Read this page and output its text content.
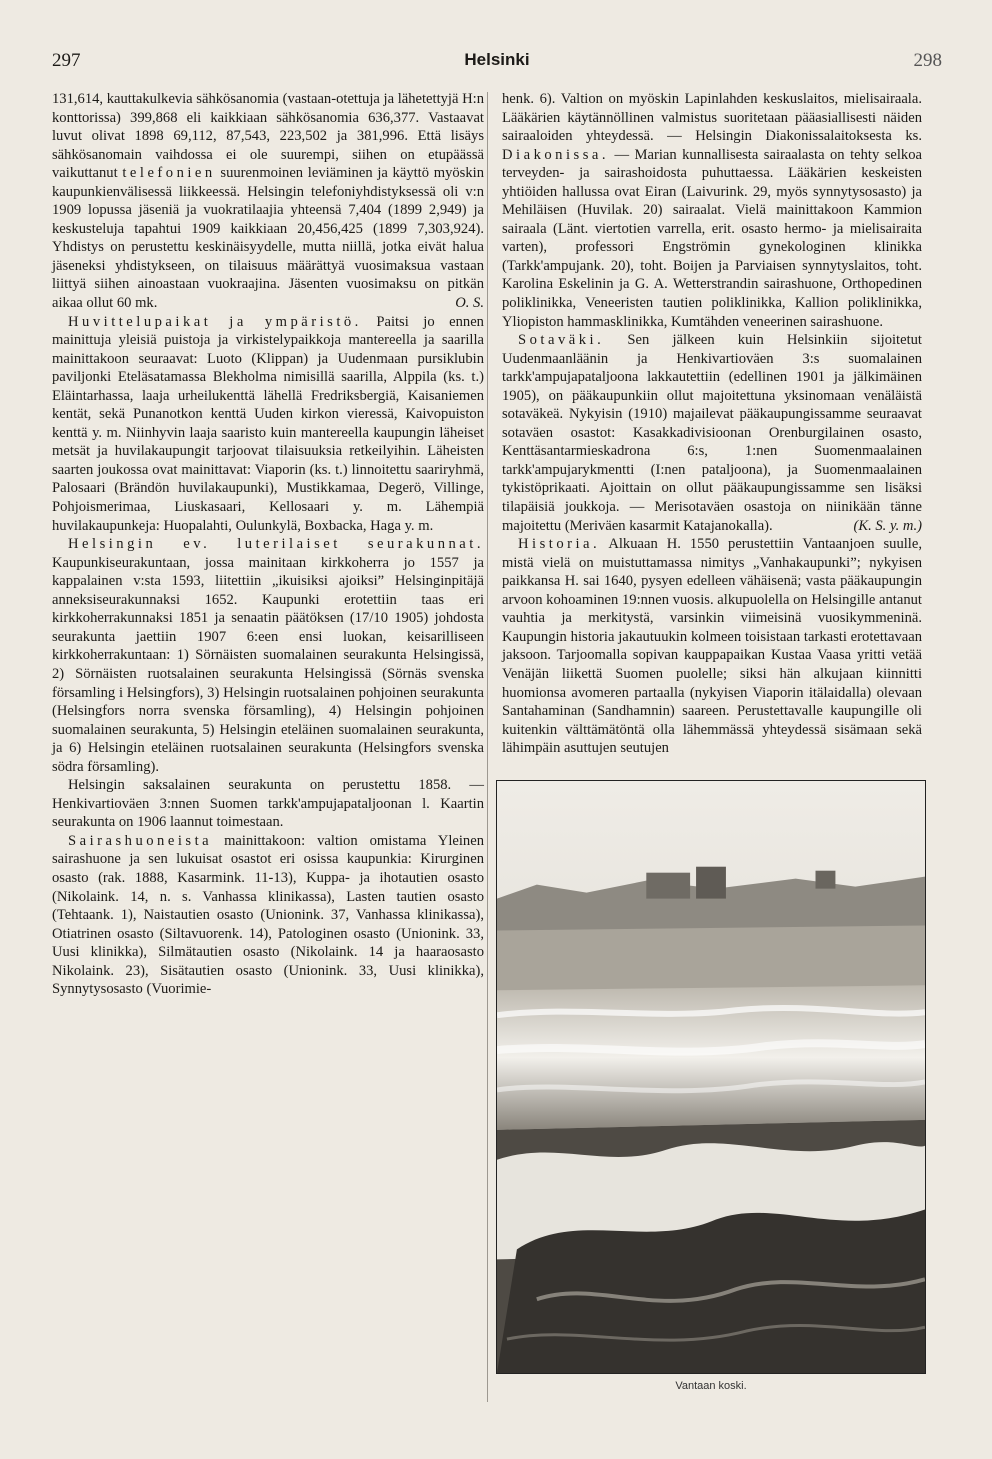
297	Helsinki	298

131,614, kauttakulkevia sähkösanomia (vastaan-otettuja ja lähetettyjä H:n konttorissa) 399,868 eli kaikkiaan sähkösanomia 636,377. Vastaavat luvut olivat 1898 69,112, 87,543, 223,502 ja 381,996. Että lisäys sähkösanomain vaihdossa ei ole suurempi, siihen on etupäässä vaikuttanut telefonien suurenmoinen leviäminen ja käyttö myöskin kaupunkienvälisessä liikkeessä. Helsingin telefoniyhdistyksessä oli v:n 1909 lopussa jäseniä ja vuokratilaajia yhteensä 7,404 (1899 2,949) ja keskusteluja tapahtui 1909 kaikkiaan 20,456,425 (1899 7,303,924). Yhdistys on perustettu keskinäisyydelle, mutta niillä, jotka eivät halua jäseneksi yhdistykseen, on tilaisuus määrättyä vuosimaksua vastaan liittyä siihen ainoastaan vuokraajina. Jäsenten vuosimaksu on pitkän aikaa ollut 60 mk.	O. S.

Huvittelupaikat ja ympäristö. Paitsi jo ennen mainittuja yleisiä puistoja ja virkistelypaikkoja mantereella ja saarilla mainittakoon seuraavat: Luoto (Klippan) ja Uudenmaan pursiklubin paviljonki Eteläsatamassa Blekholma nimisillä saarilla, Alppila (ks. t.) Eläintarhassa, laaja urheilukenttä lähellä Fredriksbergiä, Kaisaniemen kentät, sekä Punanotkon kenttä Uuden kirkon vieressä, Kaivopuiston kenttä y. m. Niinhyvin laaja saaristo kuin mantereella kaupungin läheiset metsät ja huvilakaupungit tarjoovat tilaisuuksia retkeilyihin. Läheisten saarten joukossa ovat mainittavat: Viaporin (ks. t.) linnoitettu saariryhmä, Palosaari (Brändön huvilakaupunki), Mustikkamaa, Degerö, Villinge, Pohjoismerimaa, Liuskasaari, Kellosaari y. m. Lähempiä huvilakaupunkeja: Huopalahti, Oulunkylä, Boxbacka, Haga y. m.

Helsingin ev. luterilaiset seurakunnat. Kaupunkiseurakuntaan, jossa mainitaan kirkkoherra jo 1557 ja kappalainen v:sta 1593, liitettiin „ikuisiksi ajoiksi” Helsinginpitäjä anneksiseurakunnaksi 1652. Kaupunki erotettiin taas eri kirkkoherrakunnaksi 1851 ja senaatin päätöksen (17/10 1905) johdosta seurakunta jaettiin 1907 6:een ensi luokan, keisarilliseen kirkkoherrakuntaan: 1) Sörnäisten suomalainen seurakunta Helsingissä, 2) Sörnäisten ruotsalainen seurakunta Helsingissä (Sörnäs svenska församling i Helsingfors), 3) Helsingin ruotsalainen pohjoinen seurakunta (Helsingfors norra svenska församling), 4) Helsingin pohjoinen suomalainen seurakunta, 5) Helsingin eteläinen suomalainen seurakunta, ja 6) Helsingin eteläinen ruotsalainen seurakunta (Helsingfors svenska södra församling).

Helsingin saksalainen seurakunta on perustettu 1858. — Henkivartioväen 3:nnen Suomen tarkk'ampujapataljoonan l. Kaartin seurakunta on 1906 laannut toimestaan.

Sairashuoneista mainittakoon: valtion omistama Yleinen sairashuone ja sen lukuisat osastot eri osissa kaupunkia: Kirurginen osasto (rak. 1888, Kasarmink. 11-13), Kuppa- ja ihotautien osasto (Nikolaink. 14, n. s. Vanhassa klinikassa), Lasten tautien osasto (Tehtaank. 1), Naistautien osasto (Unionink. 37, Vanhassa klinikassa), Otiatrinen osasto (Siltavuorenk. 14), Patologinen osasto (Unionink. 33, Uusi klinikka), Silmätautien osasto (Nikolaink. 14 ja haaraosasto Nikolaink. 23), Sisätautien osasto (Unionink. 33, Uusi klinikka), Synnytysosasto (Vuorimie-

henk. 6). Valtion on myöskin Lapinlahden keskuslaitos, mielisairaala. Lääkärien käytännöllinen valmistus suoritetaan pääasiallisesti näiden sairaaloiden yhteydessä. — Helsingin Diakonissalaitoksesta ks. Diakonissa. — Marian kunnallisesta sairaalasta on tehty selkoa terveyden- ja sairashoidosta puhuttaessa. Lääkärien keskeisten yhtiöiden hallussa ovat Eiran (Laivurink. 29, myös synnytysosasto) ja Mehiläisen (Huvilak. 20) sairaalat. Vielä mainittakoon Kammion sairaala (Länt. viertotien varrella, erit. osasto hermo- ja mielisairaita varten), professori Engströmin gynekologinen klinikka (Tarkk'ampujank. 20), toht. Boijen ja Parviaisen synnytyslaitos, toht. Karolina Eskelinin ja G. A. Wetterstrandin sairashuone, Orthopedinen poliklinikka, Veneeristen tautien poliklinikka, Kallion poliklinikka, Yliopiston hammasklinikka, Kumtähden veneerinen sairashuone.

Sotaväki. Sen jälkeen kuin Helsinkiin sijoitetut Uudenmaanläänin ja Henkivartioväen 3:s suomalainen tarkk'ampujapataljoona lakkautettiin (edellinen 1901 ja jälkimäinen 1905), on pääkaupunkiin ollut majoitettuna yksinomaan venäläistä sotaväkeä. Nykyisin (1910) majailevat pääkaupungissamme seuraavat sotaväen osastot: Kasakkadivisioonan Orenburgilainen osasto, Kenttäsantarmieskadrona 6:s, 1:nen Suomenmaalainen tarkk'ampujarykmentti (I:nen pataljoona), ja Suomenmaalainen tykistöprikaati. Ajoittain on ollut pääkaupungissamme sen lisäksi tilapäisiä joukkoja. — Merisotaväen osastoja on niinikään tänne majoitettu (Meriväen kasarmit Katajanokalla).	(K. S. y. m.)

Historia. Alkuaan H. 1550 perustettiin Vantaanjoen suulle, mistä vielä on muistuttamassa nimitys „Vanhakaupunki”; nykyisen paikkansa H. sai 1640, pysyen edelleen vähäisenä; vasta pääkaupungin arvoon kohoaminen 19:nnen vuosis. alkupuolella on Helsingille antanut vauhtia ja merkitystä, varsinkin viimeisinä vuosikymmeninä. Kaupungin historia jakautuukin kolmeen toisistaan tarkasti erotettavaan jaksoon. Tarjoomalla sopivan kauppapaikan Kustaa Vaasa yritti vetää Venäjän liikettä Suomen puolelle; siksi hän alkujaan kiinnitti huomionsa avomeren partaalla (nykyisen Viaporin itälaidalla) olevaan Santahaminan (Sandhamnin) saareen. Perustettavalle kaupungille oli kuitenkin välttämätöntä olla lähemmässä yhteydessä sisämaan sekä lähimpäin asuttujen seutujen

Vantaan koski.
